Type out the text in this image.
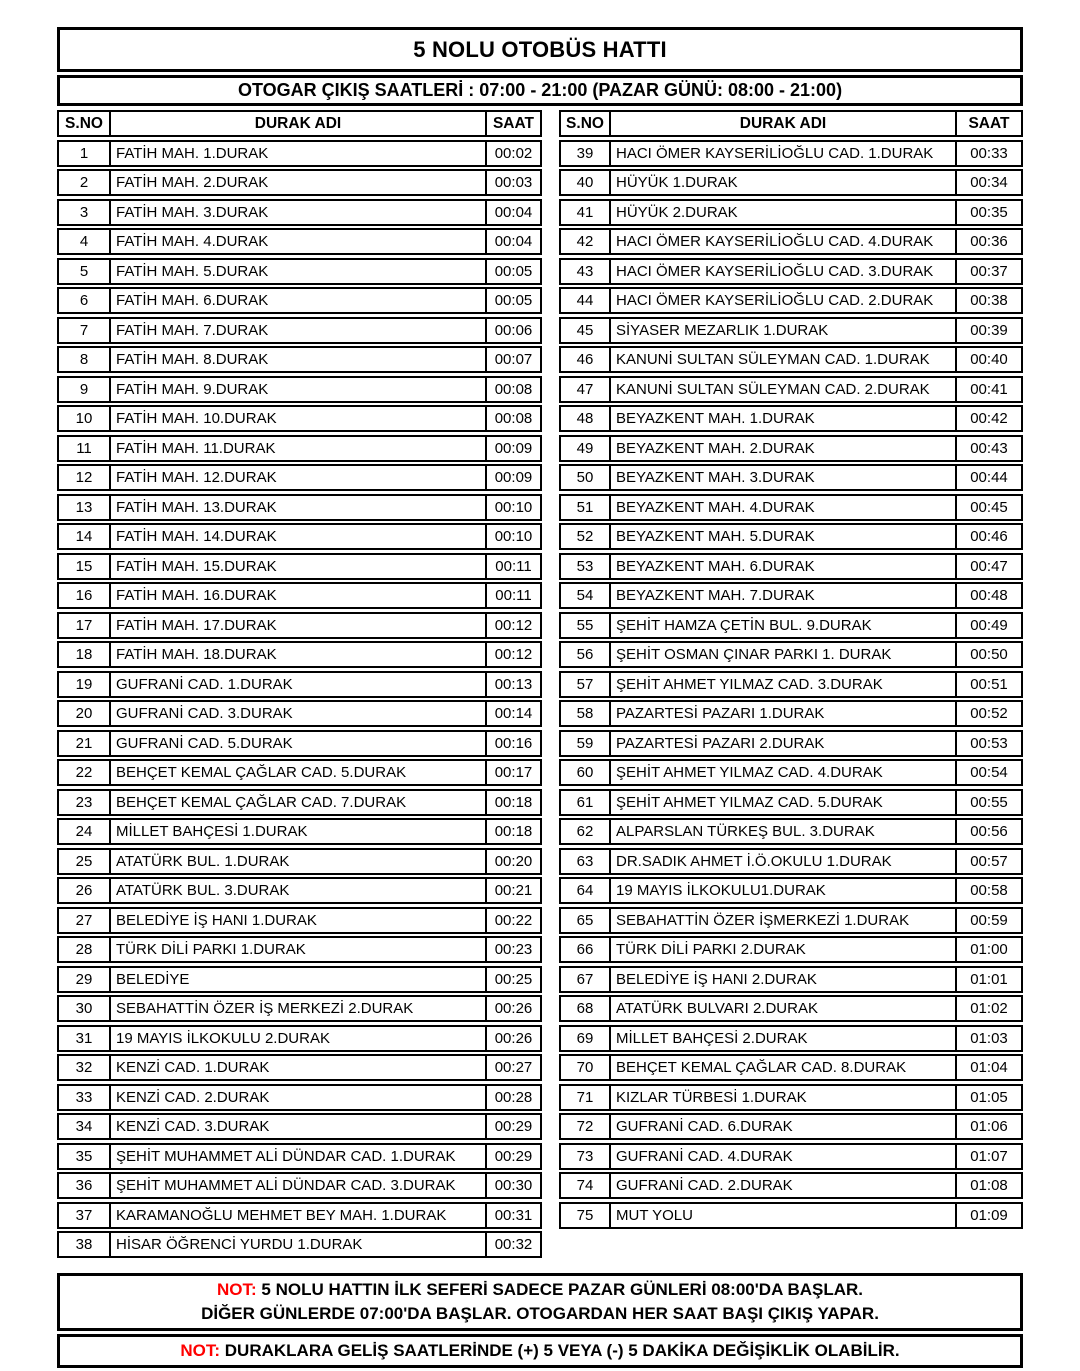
5 NOLU OTOBÜS HATTI
OTOGAR ÇIKIŞ SAATLERİ : 07:00 - 21:00 (PAZAR GÜNÜ: 08:00 - 21:00)
S.NO	DURAK ADI	SAAT
1	FATİH MAH. 1.DURAK	00:02
2	FATİH MAH. 2.DURAK	00:03
3	FATİH MAH. 3.DURAK	00:04
4	FATİH MAH. 4.DURAK	00:04
5	FATİH MAH. 5.DURAK	00:05
6	FATİH MAH. 6.DURAK	00:05
7	FATİH MAH. 7.DURAK	00:06
8	FATİH MAH. 8.DURAK	00:07
9	FATİH MAH. 9.DURAK	00:08
10	FATİH MAH. 10.DURAK	00:08
11	FATİH MAH. 11.DURAK	00:09
12	FATİH MAH. 12.DURAK	00:09
13	FATİH MAH. 13.DURAK	00:10
14	FATİH MAH. 14.DURAK	00:10
15	FATİH MAH. 15.DURAK	00:11
16	FATİH MAH. 16.DURAK	00:11
17	FATİH MAH. 17.DURAK	00:12
18	FATİH MAH. 18.DURAK	00:12
19	GUFRANİ CAD. 1.DURAK	00:13
20	GUFRANİ CAD. 3.DURAK	00:14
21	GUFRANİ CAD. 5.DURAK	00:16
22	BEHÇET KEMAL ÇAĞLAR CAD. 5.DURAK	00:17
23	BEHÇET KEMAL ÇAĞLAR CAD. 7.DURAK	00:18
24	MİLLET BAHÇESİ 1.DURAK	00:18
25	ATATÜRK BUL. 1.DURAK	00:20
26	ATATÜRK BUL. 3.DURAK	00:21
27	BELEDİYE İŞ HANI 1.DURAK	00:22
28	TÜRK DİLİ PARKI 1.DURAK	00:23
29	BELEDİYE	00:25
30	SEBAHATTİN ÖZER İŞ MERKEZİ 2.DURAK	00:26
31	19 MAYIS İLKOKULU 2.DURAK	00:26
32	KENZİ CAD. 1.DURAK	00:27
33	KENZİ CAD. 2.DURAK	00:28
34	KENZİ CAD. 3.DURAK	00:29
35	ŞEHİT MUHAMMET ALİ DÜNDAR CAD. 1.DURAK	00:29
36	ŞEHİT MUHAMMET ALİ DÜNDAR CAD. 3.DURAK	00:30
37	KARAMANOĞLU MEHMET BEY MAH. 1.DURAK	00:31
38	HİSAR ÖĞRENCİ YURDU 1.DURAK	00:32
S.NO	DURAK ADI	SAAT
39	HACI ÖMER KAYSERİLİOĞLU CAD. 1.DURAK	00:33
40	HÜYÜK 1.DURAK	00:34
41	HÜYÜK 2.DURAK	00:35
42	HACI ÖMER KAYSERİLİOĞLU CAD. 4.DURAK	00:36
43	HACI ÖMER KAYSERİLİOĞLU CAD. 3.DURAK	00:37
44	HACI ÖMER KAYSERİLİOĞLU CAD. 2.DURAK	00:38
45	SİYASER MEZARLIK 1.DURAK	00:39
46	KANUNİ SULTAN SÜLEYMAN CAD. 1.DURAK	00:40
47	KANUNİ SULTAN SÜLEYMAN CAD. 2.DURAK	00:41
48	BEYAZKENT MAH. 1.DURAK	00:42
49	BEYAZKENT MAH. 2.DURAK	00:43
50	BEYAZKENT MAH. 3.DURAK	00:44
51	BEYAZKENT MAH. 4.DURAK	00:45
52	BEYAZKENT MAH. 5.DURAK	00:46
53	BEYAZKENT MAH. 6.DURAK	00:47
54	BEYAZKENT MAH. 7.DURAK	00:48
55	ŞEHİT HAMZA ÇETİN BUL. 9.DURAK	00:49
56	ŞEHİT OSMAN ÇINAR PARKI 1. DURAK	00:50
57	ŞEHİT AHMET YILMAZ CAD. 3.DURAK	00:51
58	PAZARTESİ PAZARI 1.DURAK	00:52
59	PAZARTESİ PAZARI 2.DURAK	00:53
60	ŞEHİT AHMET YILMAZ CAD. 4.DURAK	00:54
61	ŞEHİT AHMET YILMAZ CAD. 5.DURAK	00:55
62	ALPARSLAN TÜRKEŞ BUL. 3.DURAK	00:56
63	DR.SADIK AHMET İ.Ö.OKULU 1.DURAK	00:57
64	19 MAYIS İLKOKULU1.DURAK	00:58
65	SEBAHATTİN ÖZER İŞMERKEZİ 1.DURAK	00:59
66	TÜRK DİLİ PARKI 2.DURAK	01:00
67	BELEDİYE İŞ HANI 2.DURAK	01:01
68	ATATÜRK BULVARI 2.DURAK	01:02
69	MİLLET BAHÇESİ 2.DURAK	01:03
70	BEHÇET KEMAL ÇAĞLAR CAD. 8.DURAK	01:04
71	KIZLAR TÜRBESİ 1.DURAK	01:05
72	GUFRANİ CAD. 6.DURAK	01:06
73	GUFRANİ CAD. 4.DURAK	01:07
74	GUFRANİ CAD. 2.DURAK	01:08
75	MUT YOLU	01:09
NOT: 5 NOLU HATTIN İLK SEFERİ SADECE PAZAR GÜNLERİ 08:00'DA BAŞLAR.
DİĞER GÜNLERDE 07:00'DA BAŞLAR. OTOGARDAN HER SAAT BAŞI ÇIKIŞ YAPAR.
NOT: DURAKLARA GELİŞ SAATLERİNDE (+) 5 VEYA (-) 5 DAKİKA DEĞİŞİKLİK OLABİLİR.
